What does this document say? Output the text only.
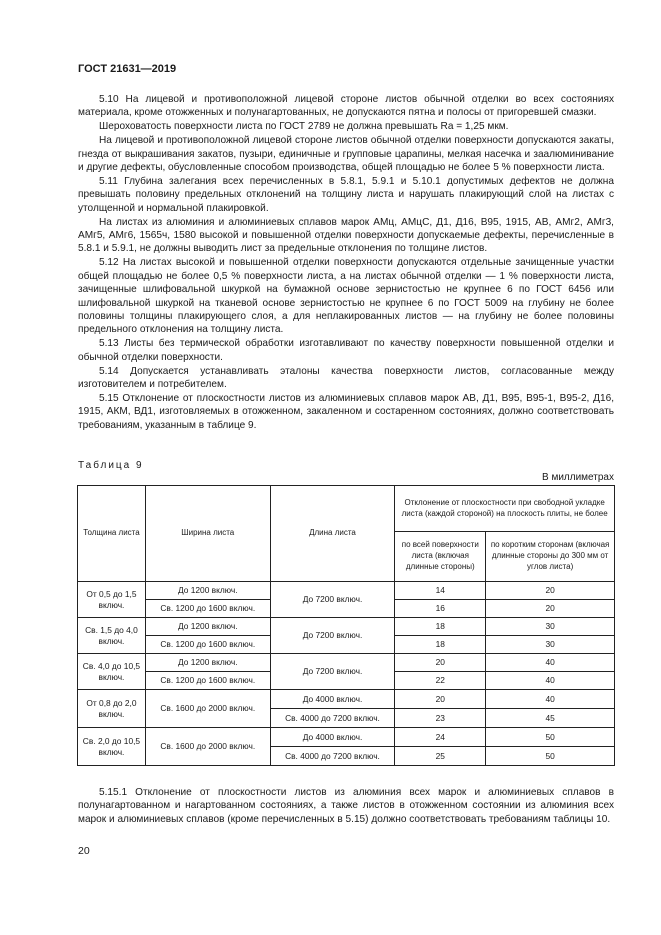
ГОСТ 21631—2019

5.10 На лицевой и противоположной лицевой стороне листов обычной отделки во всех состояниях материала, кроме отожженных и полунагартованных, не допускаются пятна и полосы от пригоревшей смазки.

Шероховатость поверхности листа по ГОСТ 2789 не должна превышать Ra = 1,25 мкм.

На лицевой и противоположной лицевой стороне листов обычной отделки поверхности допускаются закаты, гнезда от выкрашивания закатов, пузыри, единичные и групповые царапины, мелкая насечка и заалюминивание и другие дефекты, обусловленные способом производства, общей площадью не более 5 % поверхности листа.

5.11 Глубина залегания всех перечисленных в 5.8.1, 5.9.1 и 5.10.1 допустимых дефектов не должна превышать половину предельных отклонений на толщину листа и нарушать плакирующий слой на листах с утолщенной и нормальной плакировкой.

На листах из алюминия и алюминиевых сплавов марок АМц, АМцС, Д1, Д16, В95, 1915, АВ, АМг2, АМг3, АМг5, АМг6, 1565ч, 1580 высокой и повышенной отделки поверхности допускаемые дефекты, перечисленные в 5.8.1 и 5.9.1, не должны выводить лист за предельные отклонения по толщине листов.

5.12 На листах высокой и повышенной отделки поверхности допускаются отдельные зачищенные участки общей площадью не более 0,5 % поверхности листа, а на листах обычной отделки — 1 % поверхности листа, зачищенные шлифовальной шкуркой на бумажной основе зернистостью не крупнее 6 по ГОСТ 6456 или шлифовальной шкуркой на тканевой основе зернистостью не крупнее 6 по ГОСТ 5009 на глубину не более половины толщины плакирующего слоя, а для неплакированных листов — на глубину не более половины предельного отклонения на толщину листа.

5.13 Листы без термической обработки изготавливают по качеству поверхности повышенной отделки и обычной отделки поверхности.

5.14 Допускается устанавливать эталоны качества поверхности листов, согласованные между изготовителем и потребителем.

5.15 Отклонение от плоскостности листов из алюминиевых сплавов марок АВ, Д1, В95, В95-1, В95-2, Д16, 1915, АКМ, ВД1, изготовляемых в отожженном, закаленном и состаренном состояниях, должно соответствовать требованиям, указанным в таблице 9.

Таблица 9
В миллиметрах
Толщина листа	Ширина листа	Длина листа	Отклонение от плоскостности при свободной укладке листа (каждой стороной) на плоскость плиты, не более	
			по всей поверхности листа (включая длинные стороны)	по коротким сторонам (включая длинные стороны до 300 мм от углов листа)
От 0,5 до 1,5 включ.	До 1200 включ.	До 7200 включ.	14	20
	Св. 1200 до 1600 включ.		16	20
Св. 1,5 до 4,0 включ.	До 1200 включ.	До 7200 включ.	18	30
	Св. 1200 до 1600 включ.		18	30
Св. 4,0 до 10,5 включ.	До 1200 включ.	До 7200 включ.	20	40
	Св. 1200 до 1600 включ.		22	40
От 0,8 до 2,0 включ.	Св. 1600 до 2000 включ.	До 4000 включ.	20	40
		Св. 4000 до 7200 включ.	23	45
Св. 2,0 до 10,5 включ.	Св. 1600 до 2000 включ.	До 4000 включ.	24	50
		Св. 4000 до 7200 включ.	25	50

5.15.1 Отклонение от плоскостности листов из алюминия всех марок и алюминиевых сплавов в полунагартованном и нагартованном состояниях, а также листов в отожженном состоянии из алюминия всех марок и алюминиевых сплавов (кроме перечисленных в 5.15) должно соответствовать требованиям таблицы 10.

20
